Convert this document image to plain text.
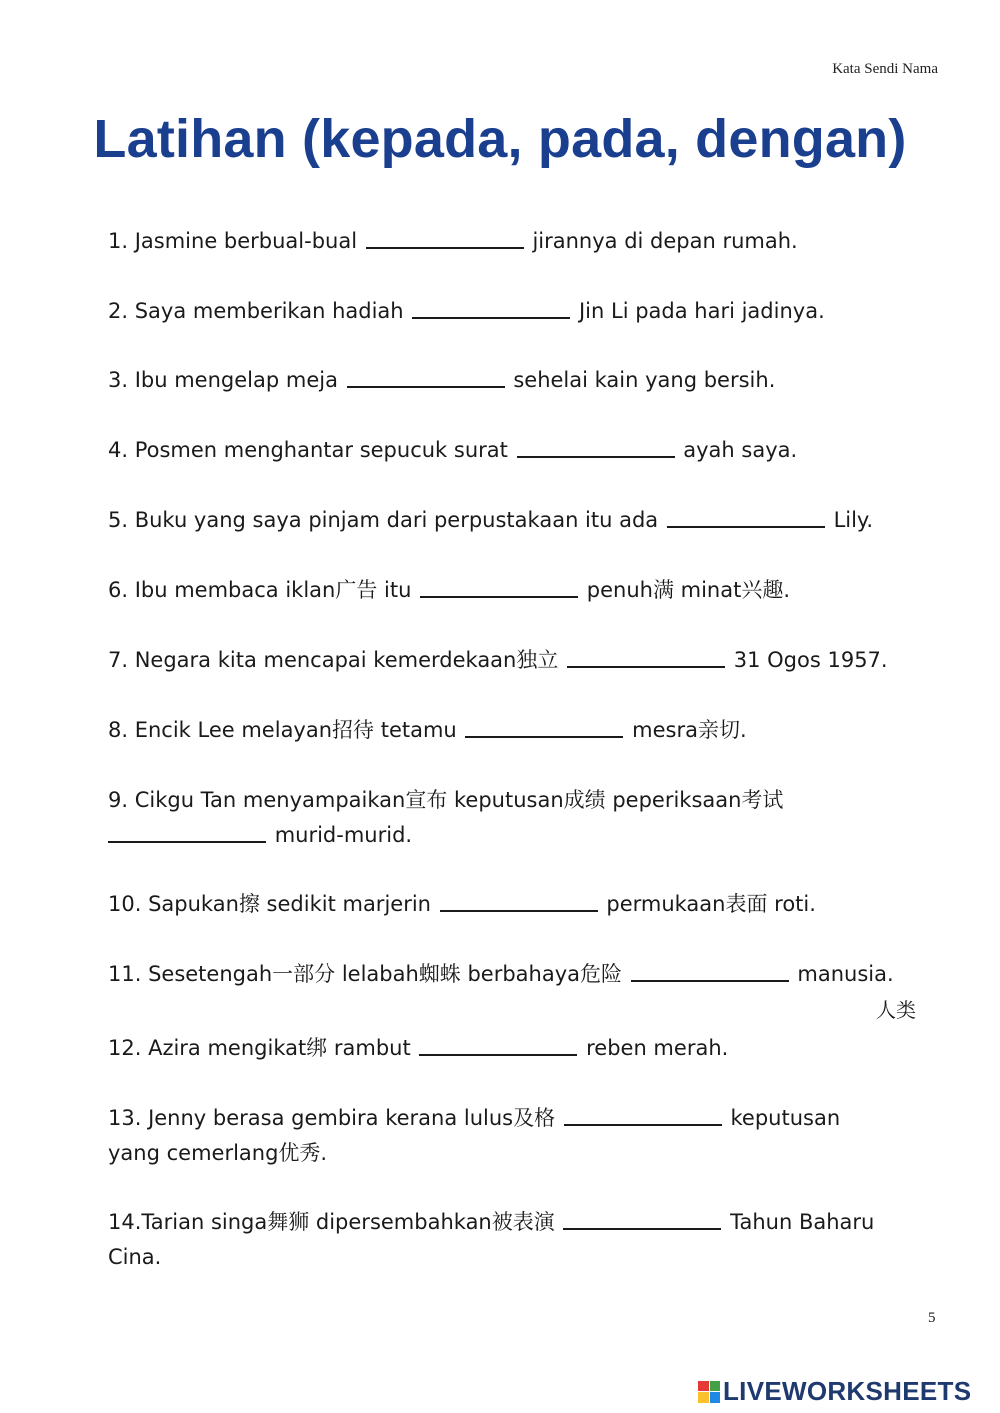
Kata Sendi Nama
Latihan (kepada, pada, dengan)
1. Jasmine berbual-bual	jirannya di depan rumah.
2. Saya memberikan hadiah	Jin Li pada hari jadinya.
3. Ibu mengelap meja	sehelai kain yang bersih.
4. Posmen menghantar sepucuk surat	ayah saya.
5. Buku yang saya pinjam dari perpustakaan itu ada	Lily.
6. Ibu membaca iklan广告 itu	penuh满 minat兴趣.
7. Negara kita mencapai kemerdekaan独立	31 Ogos 1957.
8. Encik Lee melayan招待 tetamu	mesra亲切.
9. Cikgu Tan menyampaikan宣布 keputusan成绩 peperiksaan考试
murid-murid.
10. Sapukan擦 sedikit marjerin	permukaan表面 roti.
11. Sesetengah一部分 lelabah蜘蛛 berbahaya危险	manusia.
人类
12. Azira mengikat绑 rambut	reben merah.
13. Jenny berasa gembira kerana lulus及格	keputusan
yang cemerlang优秀.
14.Tarian singa舞狮 dipersembahkan被表演	Tahun Baharu
Cina.
5
LIVEWORKSHEETS
